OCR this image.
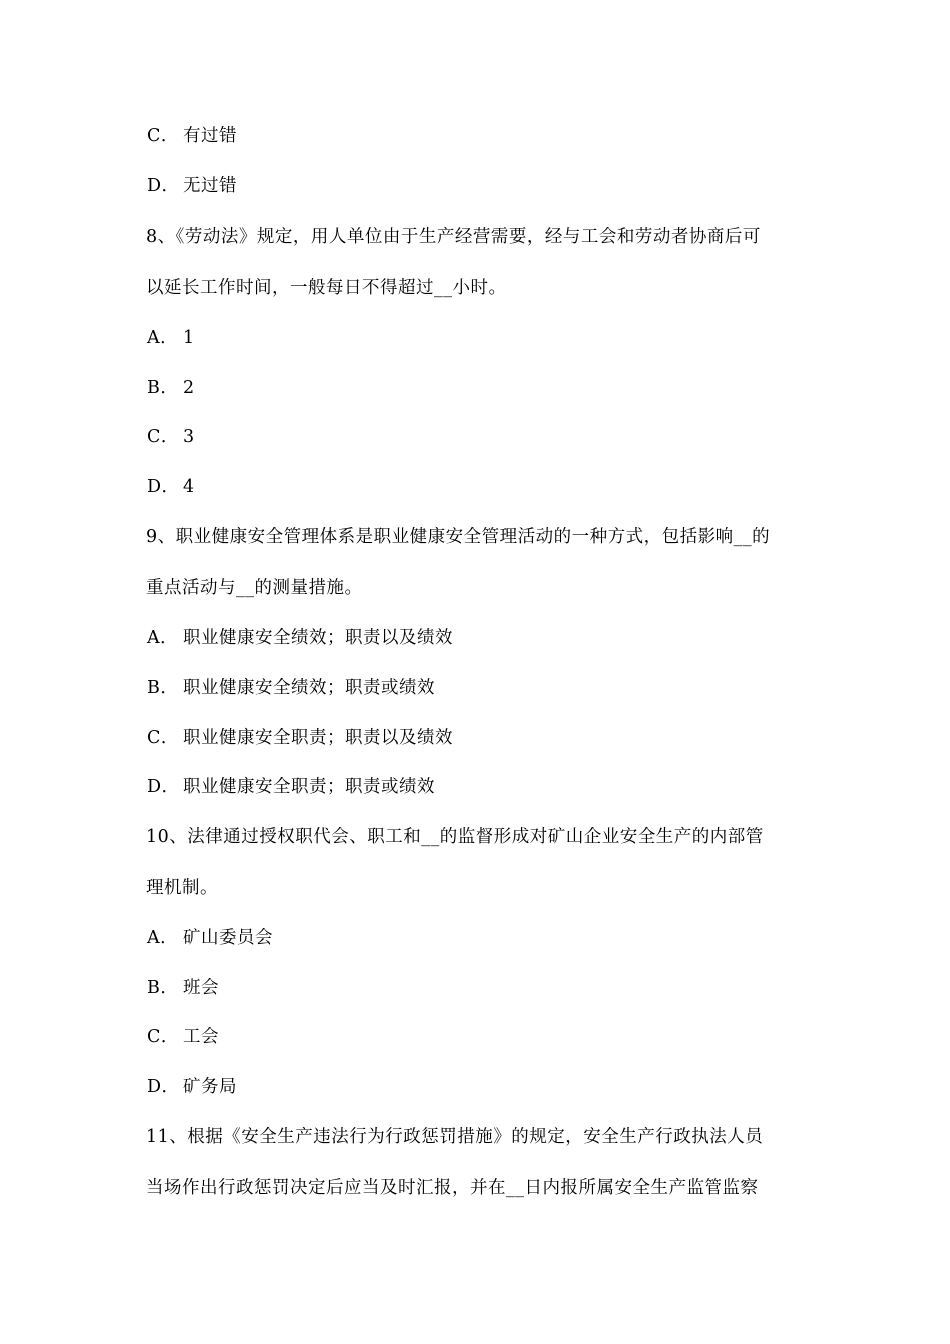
C． 有过错
D． 无过错
8、《劳动法》规定，用人单位由于生产经营需要，经与工会和劳动者协商后可
以延长工作时间，一般每日不得超过__小时。
A． 1
B． 2
C． 3
D． 4
9、职业健康安全管理体系是职业健康安全管理活动的一种方式，包括影响__的
重点活动与__的测量措施。
A． 职业健康安全绩效；职责以及绩效
B． 职业健康安全绩效；职责或绩效
C． 职业健康安全职责；职责以及绩效
D． 职业健康安全职责；职责或绩效
10、法律通过授权职代会、职工和__的监督形成对矿山企业安全生产的内部管
理机制。
A． 矿山委员会
B． 班会
C． 工会
D． 矿务局
11、根据《安全生产违法行为行政惩罚措施》的规定，安全生产行政执法人员
当场作出行政惩罚决定后应当及时汇报，并在__日内报所属安全生产监管监察
